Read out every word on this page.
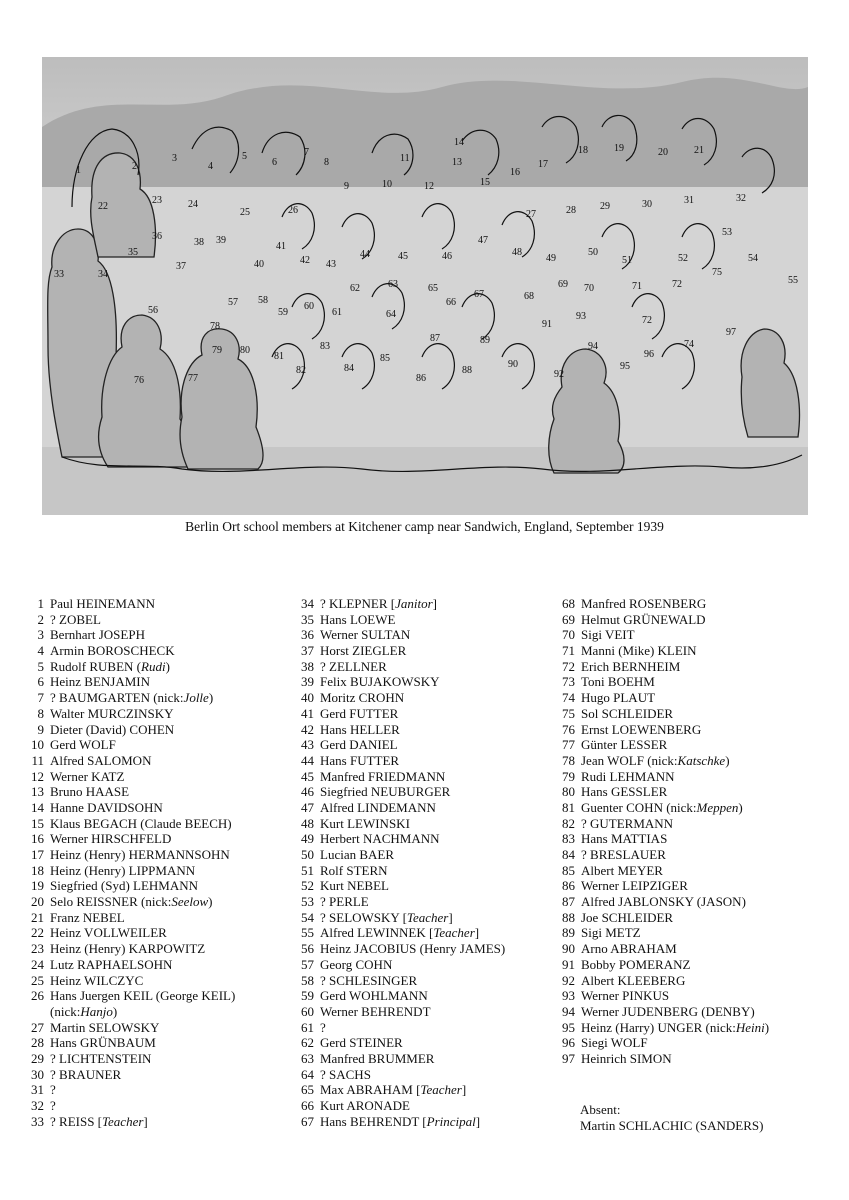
1	2
3
4
5
6
7
8
9	10
11
12
13
14
15
16
17
18	19	20	21
22
23	24
25	26	27	28 29	30	31	32
33	34
35
36
37
38 39
40
41
42 43
44	45	46
47
48
49
50
51	52
53
54
55
56
57 58
59
60
61
62	63
64
65
66
67	68
69 70	71	72
74
75
72
76	77
78
79 80
81
82
83
84
85
86
87
88
89
90
91
92
93
94
95
96
97
Berlin Ort school members at Kitchener camp near Sandwich, England, September 1939
1 Paul HEINEMANN
2 ? ZOBEL
3 Bernhart JOSEPH
4 Armin BOROSCHECK
5 Rudolf RUBEN (Rudi)
6 Heinz BENJAMIN
7 ? BAUMGARTEN (nick:Jolle)
8 Walter MURCZINSKY
9 Dieter (David) COHEN
10 Gerd WOLF
11 Alfred SALOMON
12 Werner KATZ
13 Bruno HAASE
14 Hanne DAVIDSOHN
15 Klaus BEGACH (Claude BEECH)
16 Werner HIRSCHFELD
17 Heinz (Henry) HERMANNSOHN
18 Heinz (Henry) LIPPMANN
19 Siegfried (Syd) LEHMANN
20 Selo REISSNER (nick:Seelow)
21 Franz NEBEL
22 Heinz VOLLWEILER
23 Heinz (Henry) KARPOWITZ
24 Lutz RAPHAELSOHN
25 Heinz WILCZYC
26 Hans Juergen KEIL (George KEIL)
(nick:Hanjo)
27 Martin SELOWSKY
28 Hans GRÜNBAUM
29 ? LICHTENSTEIN
30 ? BRAUNER
31 ?
32 ?
33 ? REISS [Teacher]
34 ? KLEPNER [Janitor]
35 Hans LOEWE
36 Werner SULTAN
37 Horst ZIEGLER
38 ? ZELLNER
39 Felix BUJAKOWSKY
40 Moritz CROHN
41 Gerd FUTTER
42 Hans HELLER
43 Gerd DANIEL
44 Hans FUTTER
45 Manfred FRIEDMANN
46 Siegfried NEUBURGER
47 Alfred LINDEMANN
48 Kurt LEWINSKI
49 Herbert NACHMANN
50 Lucian BAER
51 Rolf STERN
52 Kurt NEBEL
53 ? PERLE
54 ? SELOWSKY [Teacher]
55 Alfred LEWINNEK [Teacher]
56 Heinz JACOBIUS (Henry JAMES)
57 Georg COHN
58 ? SCHLESINGER
59 Gerd WOHLMANN
60 Werner BEHRENDT
61 ?
62 Gerd STEINER
63 Manfred BRUMMER
64 ? SACHS
65 Max ABRAHAM [Teacher]
66 Kurt ARONADE
67 Hans BEHRENDT [Principal]
68 Manfred ROSENBERG
69 Helmut GRÜNEWALD
70 Sigi VEIT
71 Manni (Mike) KLEIN
72 Erich BERNHEIM
73 Toni BOEHM
74 Hugo PLAUT
75 Sol SCHLEIDER
76 Ernst LOEWENBERG
77 Günter LESSER
78 Jean WOLF (nick:Katschke)
79 Rudi LEHMANN
80 Hans GESSLER
81 Guenter COHN (nick:Meppen)
82 ? GUTERMANN
83 Hans MATTIAS
84 ? BRESLAUER
85 Albert MEYER
86 Werner LEIPZIGER
87 Alfred JABLONSKY (JASON)
88 Joe SCHLEIDER
89 Sigi METZ
90 Arno ABRAHAM
91 Bobby POMERANZ
92 Albert KLEEBERG
93 Werner PINKUS
94 Werner JUDENBERG (DENBY)
95 Heinz (Harry) UNGER (nick:Heini)
96 Siegi WOLF
97 Heinrich SIMON
Absent:
Martin SCHLACHIC (SANDERS)
